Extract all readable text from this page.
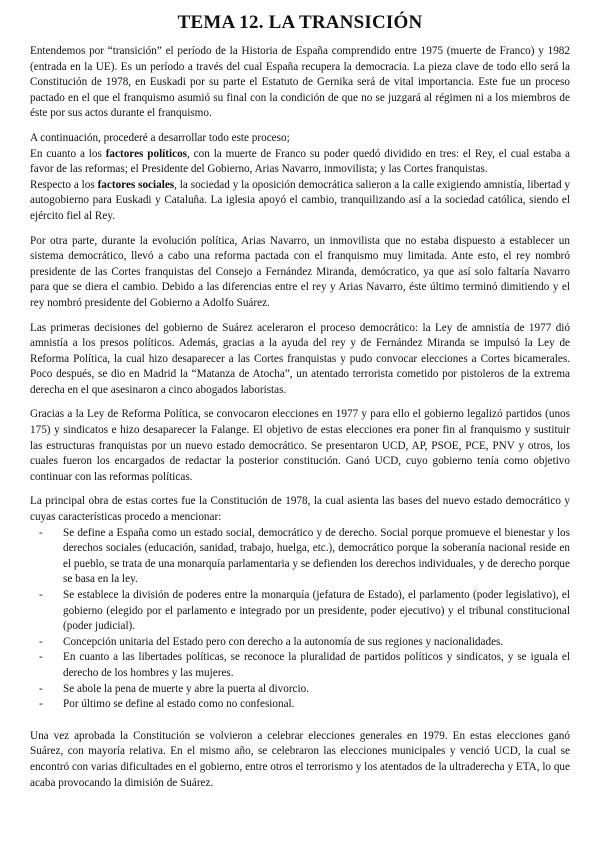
TEMA 12. LA TRANSICIÓN

Entendemos por “transición” el período de la Historia de España comprendido entre 1975 (muerte de Franco) y 1982 (entrada en la UE). Es un período a través del cual España recupera la democracia. La pieza clave de todo ello será la Constitución de 1978, en Euskadi por su parte el Estatuto de Gernika será de vital importancia. Este fue un proceso pactado en el que el franquismo asumió su final con la condición de que no se juzgará al régimen ni a los miembros de éste por sus actos durante el franquismo.

A continuación, procederé a desarrollar todo este proceso;

En cuanto a los factores políticos, con la muerte de Franco su poder quedó dividido en tres: el Rey, el cual estaba a favor de las reformas; el Presidente del Gobierno, Arias Navarro, inmovilista; y las Cortes franquistas.

Respecto a los factores sociales, la sociedad y la oposición democrática salieron a la calle exigiendo amnistía, libertad y autogobierno para Euskadi y Cataluña. La iglesia apoyó el cambio, tranquilizando así a la sociedad católica, siendo el ejército fiel al Rey.

Por otra parte, durante la evolución política, Arias Navarro, un inmovilista que no estaba dispuesto a establecer un sistema democrático, llevó a cabo una reforma pactada con el franquismo muy limitada. Ante esto, el rey nombró presidente de las Cortes franquistas del Consejo a Fernández Miranda, demócratico, ya que así solo faltaría Navarro para que se diera el cambio. Debido a las diferencias entre el rey y Arias Navarro, éste último terminó dimitiendo y el rey nombró presidente del Gobierno a Adolfo Suárez.

Las primeras decisiones del gobierno de Suárez aceleraron el proceso democrático: la Ley de amnistía de 1977 dió amnistía a los presos políticos. Además, gracias a la ayuda del rey y de Fernández Miranda se impulsó la Ley de Reforma Política, la cual hizo desaparecer a las Cortes franquistas y pudo convocar elecciones a Cortes bicamerales. Poco después, se dio en Madrid la “Matanza de Atocha”, un atentado terrorista cometido por pistoleros de la extrema derecha en el que asesinaron a cinco abogados laboristas.

Gracias a la Ley de Reforma Política, se convocaron elecciones en 1977 y para ello el gobierno legalizó partidos (unos 175) y sindicatos e hizo desaparecer la Falange. El objetivo de estas elecciones era poner fin al franquismo y sustituir las estructuras franquistas por un nuevo estado democrático. Se presentaron UCD, AP, PSOE, PCE, PNV y otros, los cuales fueron los encargados de redactar la posterior constitución. Ganó UCD, cuyo gobierno tenía como objetivo continuar con las reformas políticas.

La principal obra de estas cortes fue la Constitución de 1978, la cual asienta las bases del nuevo estado democrático y cuyas características procedo a mencionar:

- Se define a España como un estado social, democrático y de derecho. Social porque promueve el bienestar y los derechos sociales (educación, sanidad, trabajo, huelga, etc.), democrático porque la soberanía nacional reside en el pueblo, se trata de una monarquía parlamentaria y se defienden los derechos individuales, y de derecho porque se basa en la ley.
- Se establece la división de poderes entre la monarquía (jefatura de Estado), el parlamento (poder legislativo), el gobierno (elegido por el parlamento e integrado por un presidente, poder ejecutivo) y el tribunal constitucional (poder judicial).
- Concepción unitaria del Estado pero con derecho a la autonomía de sus regiones y nacionalidades.
- En cuanto a las libertades políticas, se reconoce la pluralidad de partidos políticos y sindicatos, y se iguala el derecho de los hombres y las mujeres.
- Se abole la pena de muerte y abre la puerta al divorcio.
- Por último se define al estado como no confesional.

Una vez aprobada la Constitución se volvieron a celebrar elecciones generales en 1979. En estas elecciones ganó Suárez, con mayoría relativa. En el mismo año, se celebraron las elecciones municipales y venció UCD, la cual se encontró con varias dificultades en el gobierno, entre otros el terrorismo y los atentados de la ultraderecha y ETA, lo que acaba provocando la dimisión de Suárez.
